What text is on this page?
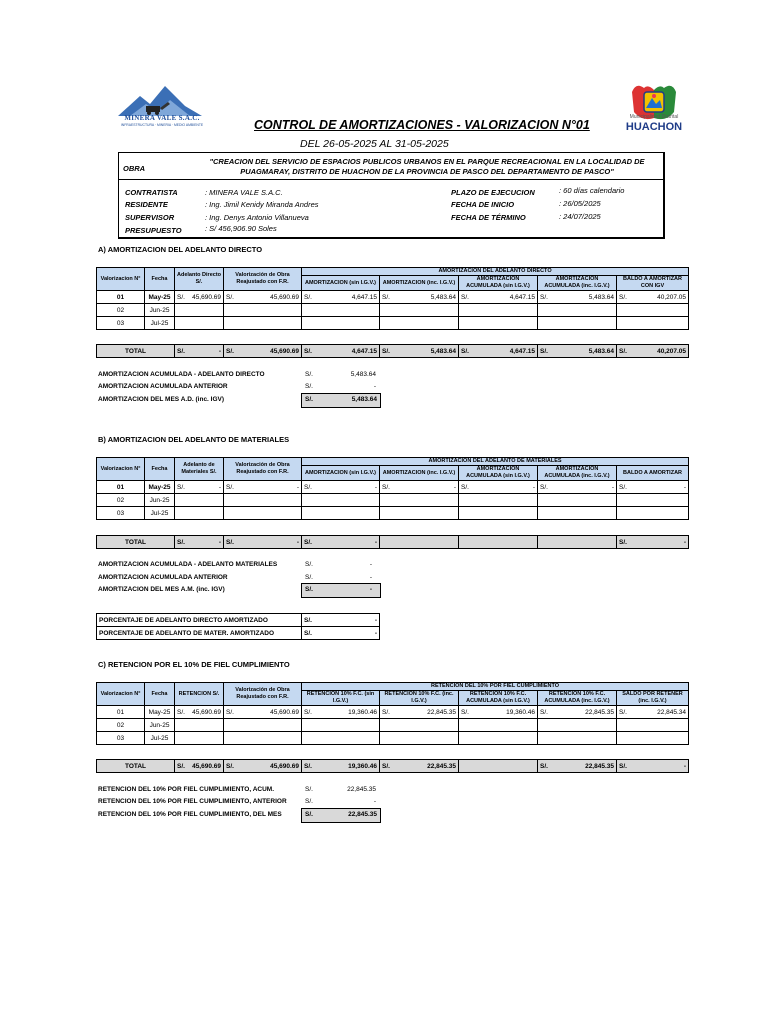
MINERA VALE S.A.C.
INFRAESTRUCTURA · MINERIA · MEDIO AMBIENTE
Municipalidad Distrital
HUACHON
CONTROL DE AMORTIZACIONES - VALORIZACION N°01
DEL 26-05-2025 AL 31-05-2025
OBRA
"CREACION DEL SERVICIO DE ESPACIOS PUBLICOS URBANOS EN EL PARQUE RECREACIONAL EN LA LOCALIDAD DE PUAGMARAY, DISTRITO DE HUACHON DE LA PROVINCIA DE PASCO DEL DEPARTAMENTO DE PASCO"
CONTRATISTA	: MINERA VALE S.A.C.
RESIDENTE	: Ing. Jimil Kenidy Miranda Andres
SUPERVISOR	: Ing. Denys Antonio Villanueva
PRESUPUESTO	: S/ 456,906.90 Soles
PLAZO DE EJECUCION	: 60 días calendario
FECHA DE INICIO	: 26/05/2025
FECHA DE TÉRMINO	: 24/07/2025
A) AMORTIZACION DEL ADELANTO DIRECTO
Valorizacion N°	Fecha	Adelanto Directo S/.	Valorización de Obra Reajustado con F.R.	AMORTIZACION DEL ADELANTO DIRECTO				
				AMORTIZACION (sin I.G.V.)	AMORTIZACION (inc. I.G.V.)	AMORTIZACION ACUMULADA (sin I.G.V.)	AMORTIZACION ACUMULADA (inc. I.G.V.)	BALDO A AMORTIZAR CON IGV
01	May-25	S/. 45,690.69	S/. 45,690.69	S/. 4,647.15	S/. 5,483.64	S/. 4,647.15	S/. 5,483.64	S/. 40,207.05

02	Jun-25							
03	Jul-25							
TOTAL	S/.	-	S/.	45,690.69	S/.	4,647.15	S/.	5,483.64	S/.	4,647.15	S/.	5,483.64	S/.	40,207.05
AMORTIZACION ACUMULADA - ADELANTO DIRECTO	S/.	5,483.64
AMORTIZACION ACUMULADA ANTERIOR	S/.	-
AMORTIZACION DEL MES A.D. (inc. IGV)	S/.	5,483.64
B) AMORTIZACION DEL ADELANTO DE MATERIALES
Valorizacion N°	Fecha	Adelanto de Materiales S/.	Valorización de Obra Reajustado con F.R.	AMORTIZACION DEL ADELANTO DE MATERIALES				
				AMORTIZACION (sin I.G.V.)	AMORTIZACION (inc. I.G.V.)	AMORTIZACION ACUMULADA (sin I.G.V.)	AMORTIZACION ACUMULADA (inc. I.G.V.)	BALDO A AMORTIZAR
01	May-25	S/. -	S/. -	S/. -	S/. -	S/. -	S/. -	S/. -

02	Jun-25							
03	Jul-25							
TOTAL	S/.	-	S/.	-	S/.	-				S/.	-
AMORTIZACION ACUMULADA - ADELANTO MATERIALES	S/.	-
AMORTIZACION ACUMULADA ANTERIOR	S/.	-
AMORTIZACION DEL MES A.M. (inc. IGV)	S/.	-
PORCENTAJE DE ADELANTO DIRECTO AMORTIZADO	S/. -

PORCENTAJE DE ADELANTO DE MATER. AMORTIZADO	S/. -
C) RETENCION POR EL 10% DE FIEL CUMPLIMIENTO
Valorizacion N°	Fecha	RETENCION S/.	Valorización de Obra Reajustado con F.R.	RETENCION DEL 10% POR FIEL CUMPLIMIENTO				
				RETENCION 10% F.C. (sin I.G.V.)	RETENCION 10% F.C. (inc. I.G.V.)	RETENCION 10% F.C. ACUMULADA (sin I.G.V.)	RETENCION 10% F.C. ACUMULADA (inc. I.G.V.)	SALDO POR RETENER (inc. I.G.V.)
01	May-25	S/. 45,690.69	S/. 45,690.69	S/. 19,360.46	S/. 22,845.35	S/. 19,360.46	S/. 22,845.35	S/. 22,845.34

02	Jun-25							
03	Jul-25							
TOTAL	S/. 45,690.69	S/.	45,690.69	S/.	19,360.46	S/.	22,845.35		S/.	22,845.35	S/.	-
RETENCION DEL 10% POR FIEL CUMPLIMIENTO, ACUM.	S/.	22,845.35
RETENCION DEL 10% POR FIEL CUMPLIMIENTO, ANTERIOR	S/.	-
RETENCION DEL 10% POR FIEL CUMPLIMIENTO, DEL MES	S/.	22,845.35
